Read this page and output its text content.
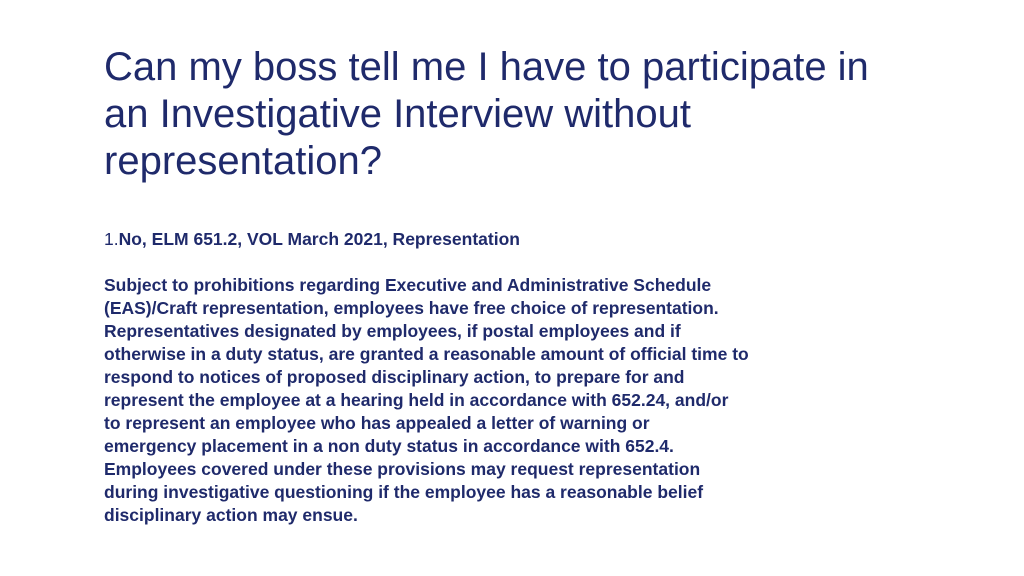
Can my boss tell me I have to participate in
an Investigative Interview without
representation?

1.No, ELM 651.2, VOL March 2021, Representation

Subject to prohibitions regarding Executive and Administrative Schedule
(EAS)/Craft representation, employees have free choice of representation.
Representatives designated by employees, if postal employees and if
otherwise in a duty status, are granted a reasonable amount of official time to
respond to notices of proposed disciplinary action, to prepare for and
represent the employee at a hearing held in accordance with 652.24, and/or
to represent an employee who has appealed a letter of warning or
emergency placement in a non duty status in accordance with 652.4.
Employees covered under these provisions may request representation
during investigative questioning if the employee has a reasonable belief
disciplinary action may ensue.
